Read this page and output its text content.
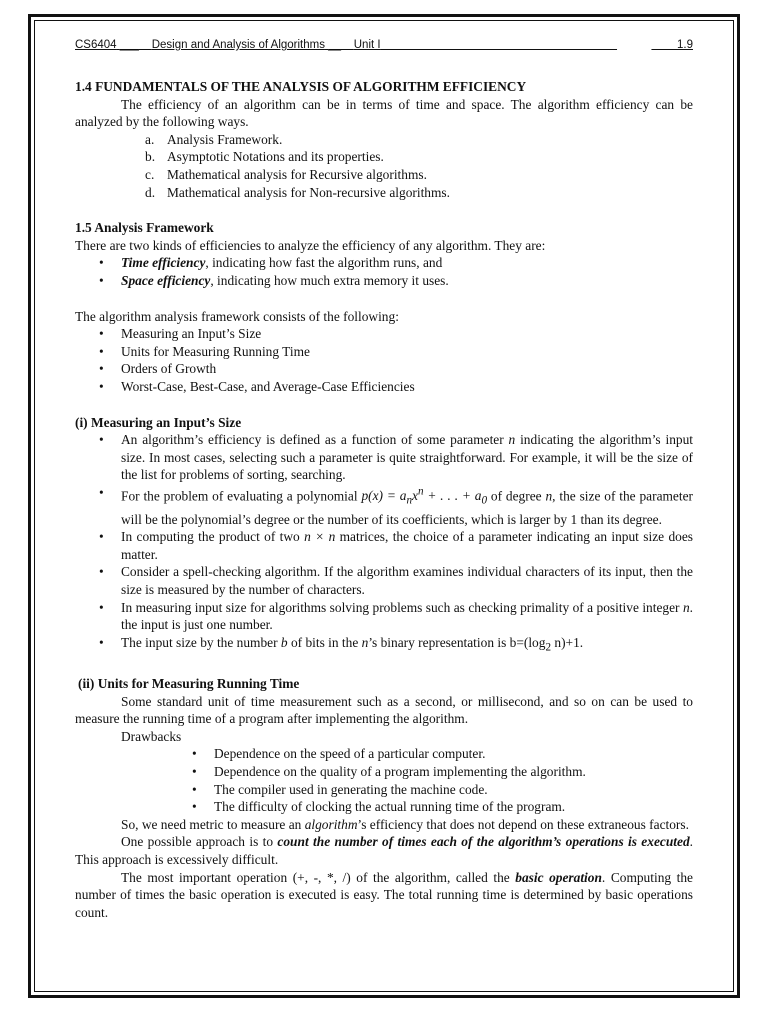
CS6404 ___ Design and Analysis of Algorithms __ Unit I	1.9
1.4 FUNDAMENTALS OF THE ANALYSIS OF ALGORITHM EFFICIENCY

The efficiency of an algorithm can be in terms of time and space. The algorithm efficiency can be analyzed by the following ways.

a. Analysis Framework.
b. Asymptotic Notations and its properties.
c. Mathematical analysis for Recursive algorithms.
d. Mathematical analysis for Non-recursive algorithms.
1.5 Analysis Framework

There are two kinds of efficiencies to analyze the efficiency of any algorithm. They are:

• Time efficiency, indicating how fast the algorithm runs, and
• Space efficiency, indicating how much extra memory it uses.

The algorithm analysis framework consists of the following:

• Measuring an Input’s Size
• Units for Measuring Running Time
• Orders of Growth
• Worst-Case, Best-Case, and Average-Case Efficiencies
(i) Measuring an Input’s Size
• An algorithm’s efficiency is defined as a function of some parameter n indicating the algorithm’s input size. In most cases, selecting such a parameter is quite straightforward. For example, it will be the size of the list for problems of sorting, searching.
• For the problem of evaluating a polynomial $p(x) = a_nx^n$ + . . . + $a_0$ of degree n, the size of the parameter will be the polynomial’s degree or the number of its coefficients, which is larger by 1 than its degree.
• In computing the product of two n × n matrices, the choice of a parameter indicating an input size does matter.
• Consider a spell-checking algorithm. If the algorithm examines individual characters of its input, then the size is measured by the number of characters.
• In measuring input size for algorithms solving problems such as checking primality of a positive integer n. the input is just one number.
• The input size by the number b of bits in the n’s binary representation is $b=(\log_2$ n)+1.
(ii) Units for Measuring Running Time

Some standard unit of time measurement such as a second, or millisecond, and so on can be used to measure the running time of a program after implementing the algorithm.

Drawbacks

• Dependence on the speed of a particular computer.
• Dependence on the quality of a program implementing the algorithm.
• The compiler used in generating the machine code.
• The difficulty of clocking the actual running time of the program.

So, we need metric to measure an algorithm’s efficiency that does not depend on these extraneous factors.

One possible approach is to count the number of times each of the algorithm’s operations is executed. This approach is excessively difficult.

The most important operation (+, -, *, /) of the algorithm, called the basic operation. Computing the number of times the basic operation is executed is easy. The total running time is determined by basic operations count.
